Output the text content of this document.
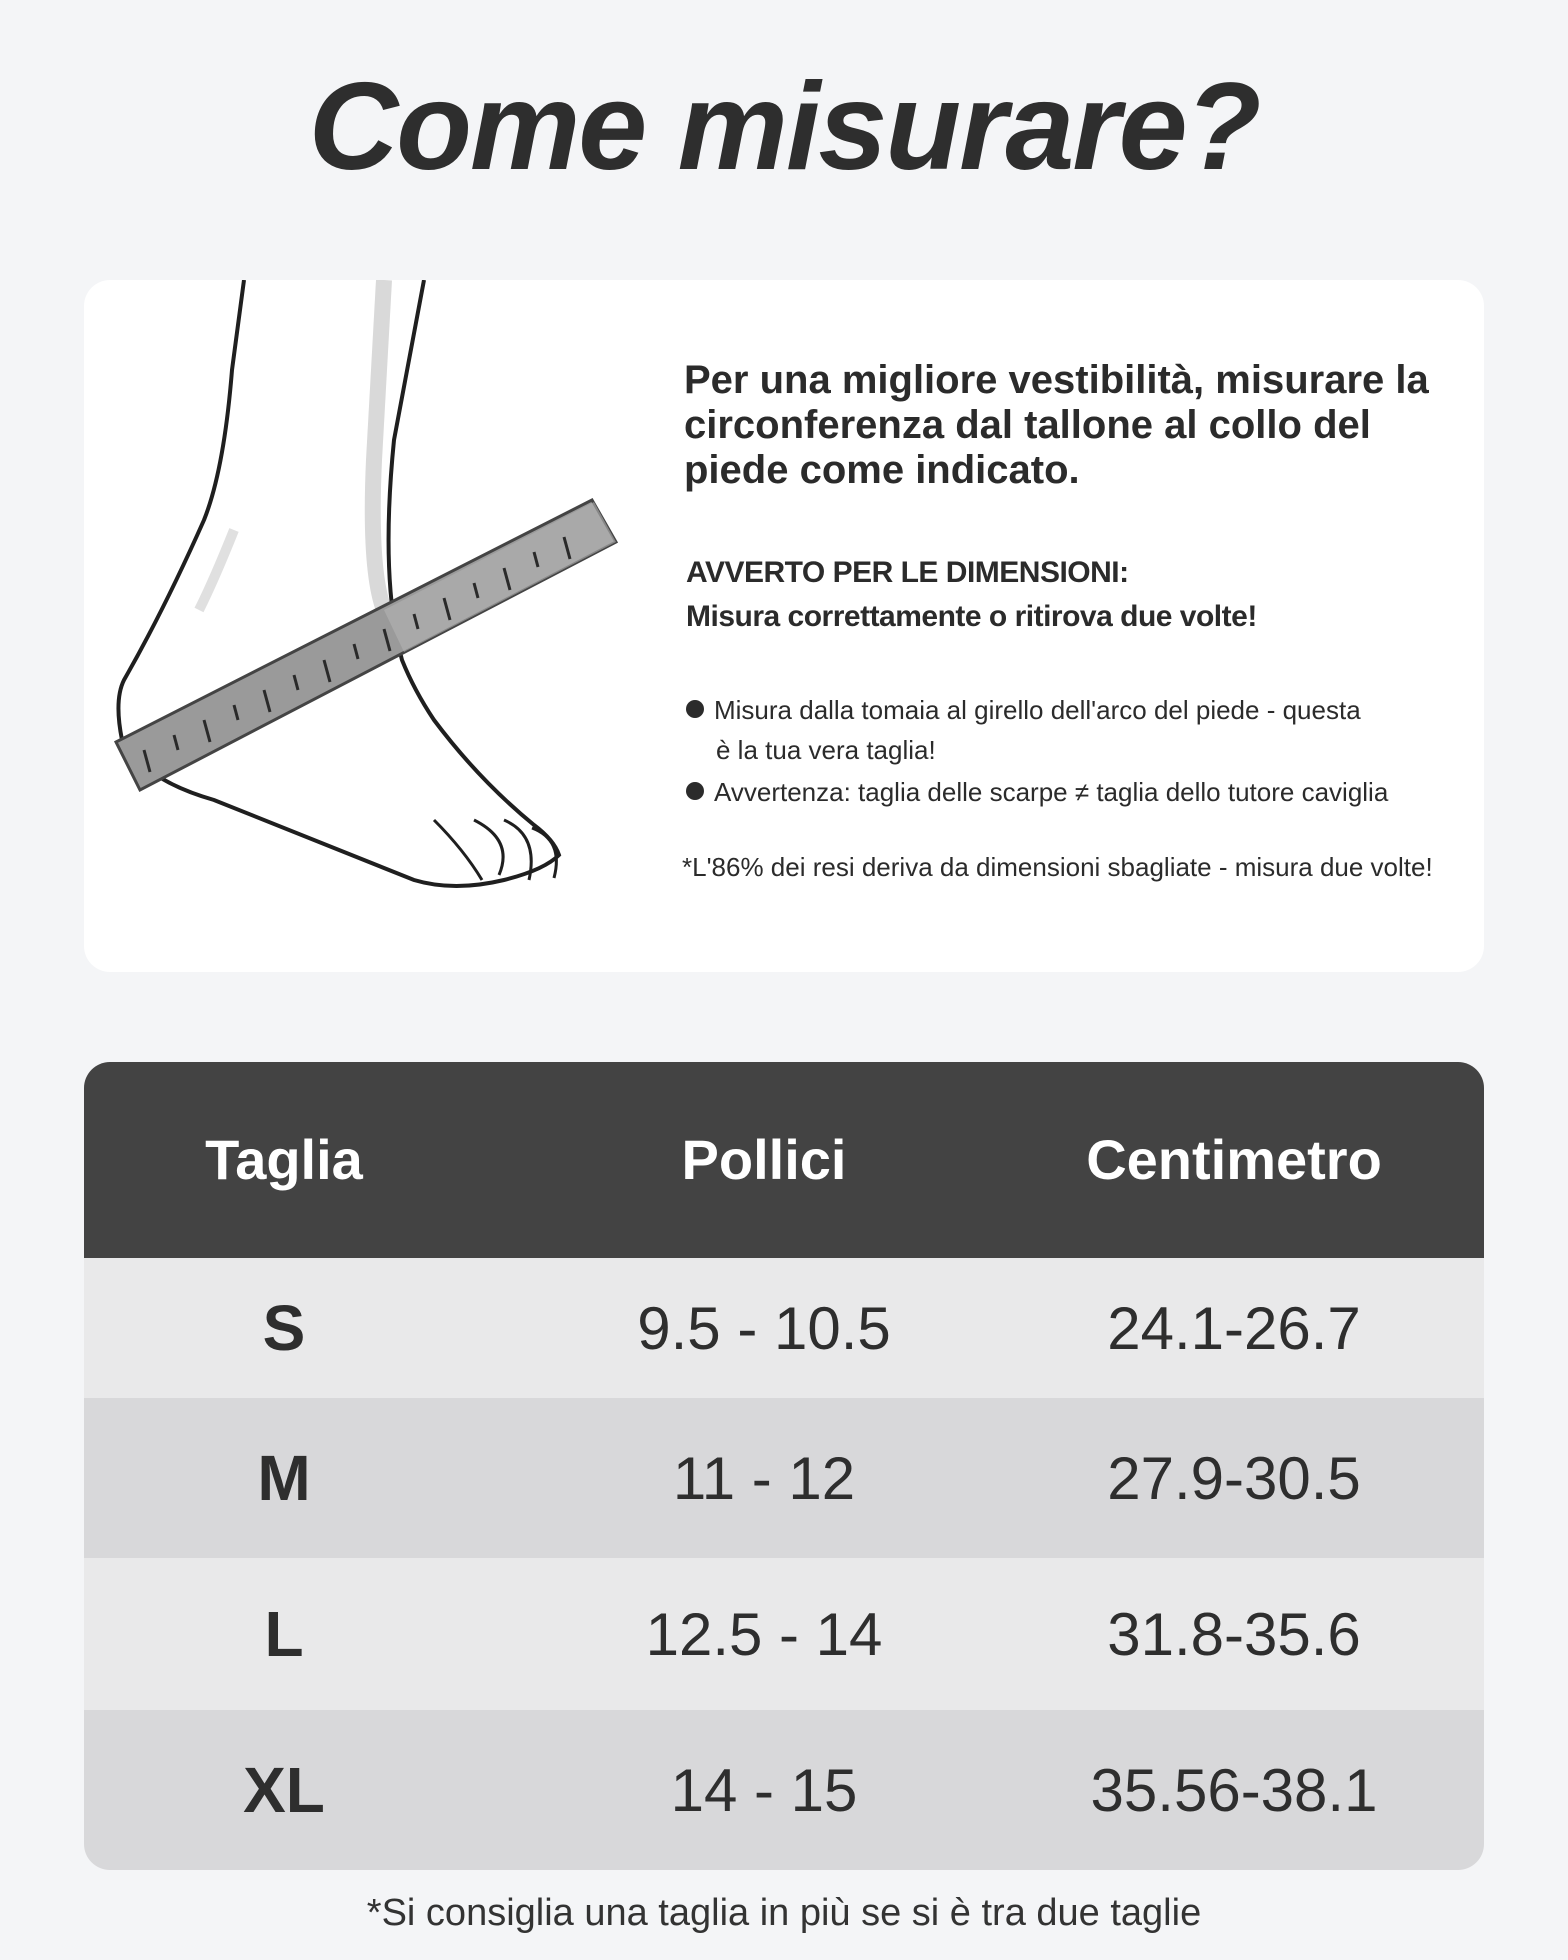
Come misurare?
Per una migliore vestibilità, misurare la circonferenza dal tallone al collo del piede come indicato.
AVVERTO PER LE DIMENSIONI:
Misura correttamente o ritirova due volte!
Misura dalla tomaia al girello dell'arco del piede - questa
è la tua vera taglia!
Avvertenza: taglia delle scarpe ≠ taglia dello tutore caviglia
*L'86% dei resi deriva da dimensioni sbagliate - misura due volte!
Taglia	Pollici	Centimetro
S	9.5 - 10.5	24.1-26.7
M	11 - 12	27.9-30.5
L	12.5 - 14	31.8-35.6
XL	14 - 15	35.56-38.1
*Si consiglia una taglia in più se si è tra due taglie
